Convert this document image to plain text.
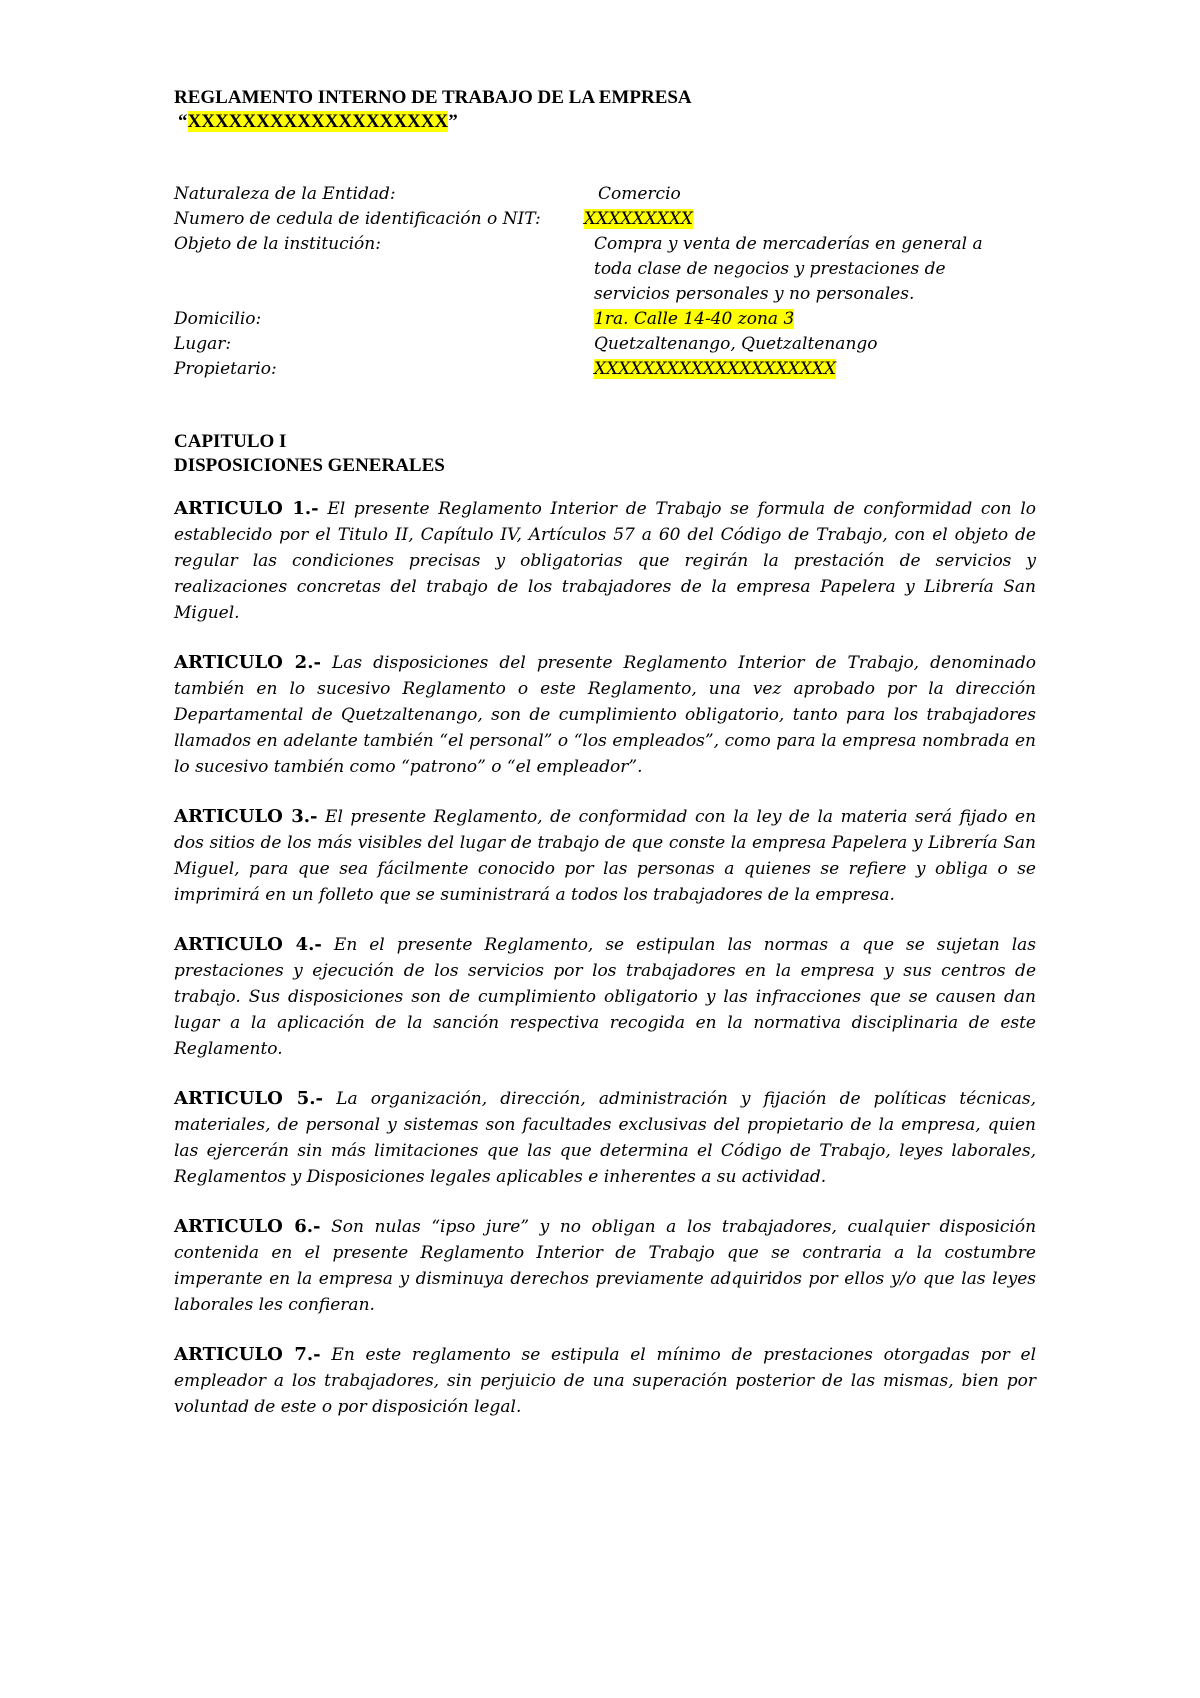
REGLAMENTO INTERNO DE TRABAJO DE LA EMPRESA

“XXXXXXXXXXXXXXXXXXX”

Naturaleza de la Entidad:	Comercio
Numero de cedula de identificación o NIT:	XXXXXXXXX
Objeto de la institución:	Compra y venta de mercaderías en general a toda clase de negocios y prestaciones de servicios personales y no personales.
Domicilio:	1ra. Calle 14-40 zona 3
Lugar:	Quetzaltenango, Quetzaltenango
Propietario:	XXXXXXXXXXXXXXXXXXXX

CAPITULO I

DISPOSICIONES GENERALES

ARTICULO 1.- El presente Reglamento Interior de Trabajo se formula de conformidad con lo establecido por el Titulo II, Capítulo IV, Artículos 57 a 60 del Código de Trabajo, con el objeto de regular las condiciones precisas y obligatorias que regirán la prestación de servicios y realizaciones concretas del trabajo de los trabajadores de la empresa Papelera y Librería San Miguel.

ARTICULO 2.- Las disposiciones del presente Reglamento Interior de Trabajo, denominado también en lo sucesivo Reglamento o este Reglamento, una vez aprobado por la dirección Departamental de Quetzaltenango, son de cumplimiento obligatorio, tanto para los trabajadores llamados en adelante también “el personal” o “los empleados”, como para la empresa nombrada en lo sucesivo también como “patrono” o “el empleador”.

ARTICULO 3.- El presente Reglamento, de conformidad con la ley de la materia será fijado en dos sitios de los más visibles del lugar de trabajo de que conste la empresa Papelera y Librería San Miguel, para que sea fácilmente conocido por las personas a quienes se refiere y obliga o se imprimirá en un folleto que se suministrará a todos los trabajadores de la empresa.

ARTICULO 4.- En el presente Reglamento, se estipulan las normas a que se sujetan las prestaciones y ejecución de los servicios por los trabajadores en la empresa y sus centros de trabajo. Sus disposiciones son de cumplimiento obligatorio y las infracciones que se causen dan lugar a la aplicación de la sanción respectiva recogida en la normativa disciplinaria de este Reglamento.

ARTICULO 5.- La organización, dirección, administración y fijación de políticas técnicas, materiales, de personal y sistemas son facultades exclusivas del propietario de la empresa, quien las ejercerán sin más limitaciones que las que determina el Código de Trabajo, leyes laborales, Reglamentos y Disposiciones legales aplicables e inherentes a su actividad.

ARTICULO 6.- Son nulas “ipso jure” y no obligan a los trabajadores, cualquier disposición contenida en el presente Reglamento Interior de Trabajo que se contraria a la costumbre imperante en la empresa y disminuya derechos previamente adquiridos por ellos y/o que las leyes laborales les confieran.

ARTICULO 7.- En este reglamento se estipula el mínimo de prestaciones otorgadas por el empleador a los trabajadores, sin perjuicio de una superación posterior de las mismas, bien por voluntad de este o por disposición legal.
